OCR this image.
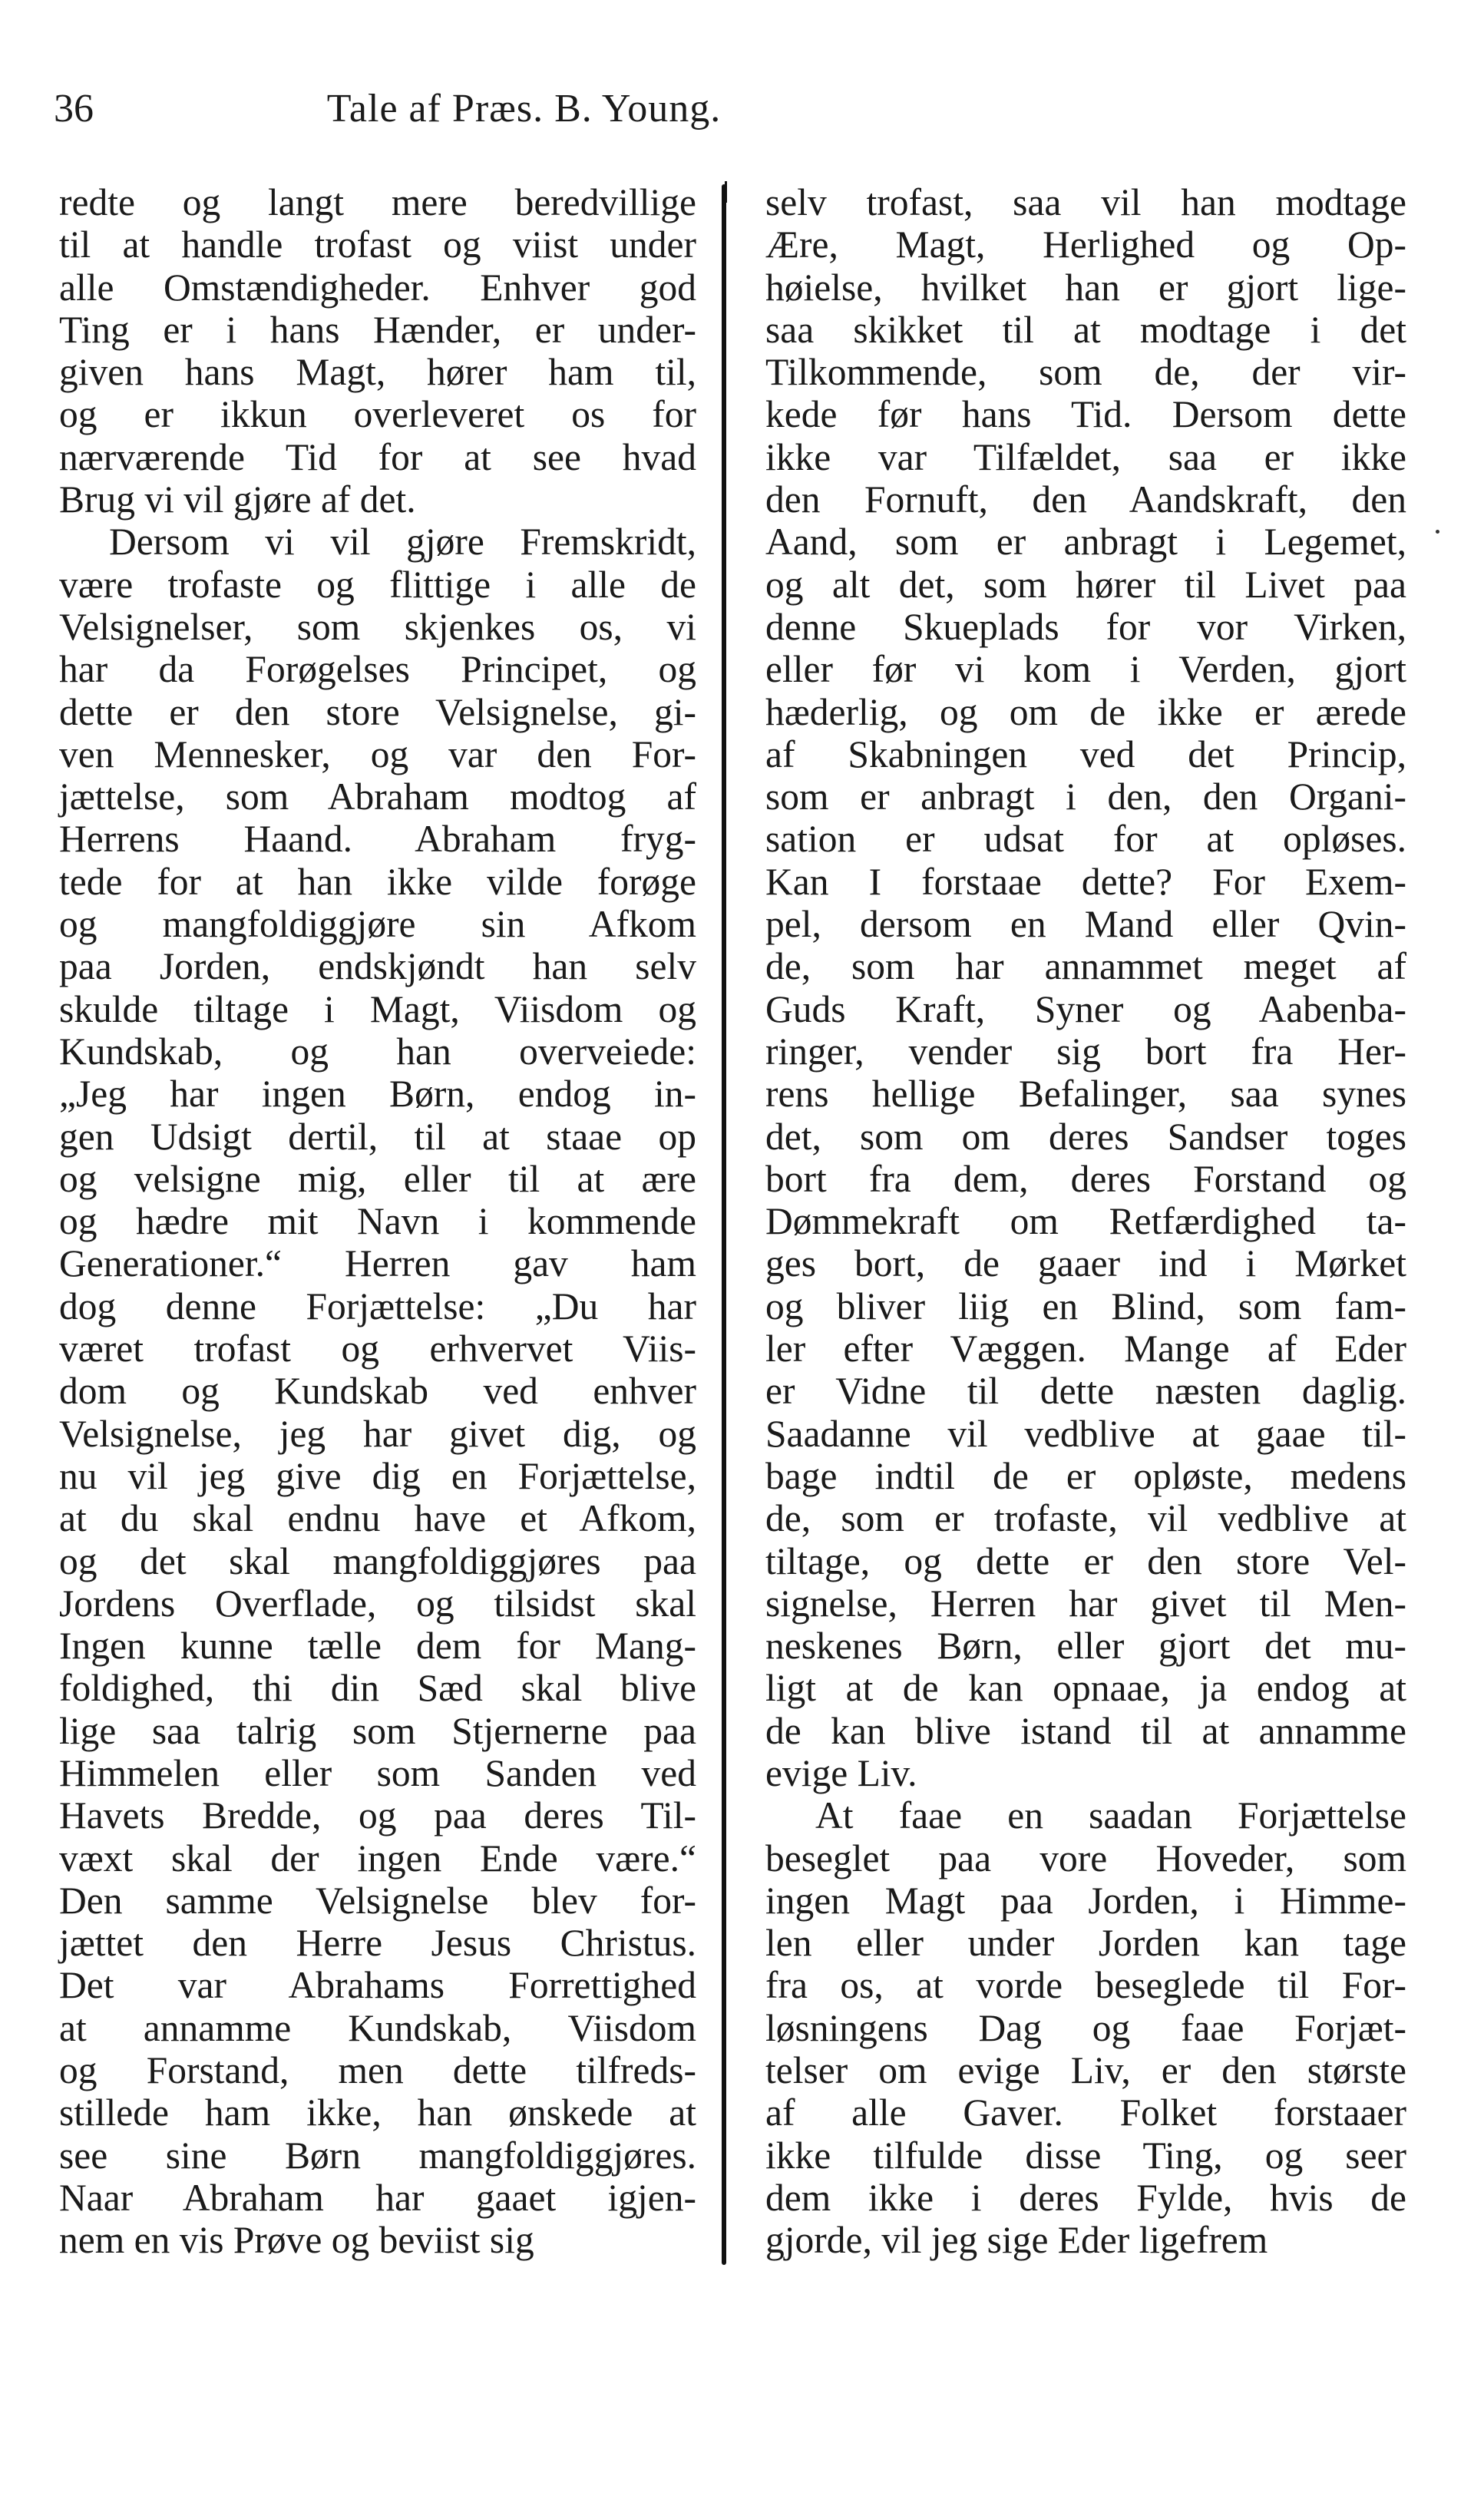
36	Tale af Præs. B. Young.
redte og langt mere beredvillige
til at handle trofast og viist under
alle Omstændigheder. Enhver god
Ting er i hans Hænder, er under-
given hans Magt, hører ham til,
og er ikkun overleveret os for
nærværende Tid for at see hvad
Brug vi vil gjøre af det.
Dersom vi vil gjøre Fremskridt,
være trofaste og flittige i alle de
Velsignelser, som skjenkes os, vi
har da Forøgelses Principet, og
dette er den store Velsignelse, gi-
ven Mennesker, og var den For-
jættelse, som Abraham modtog af
Herrens Haand. Abraham fryg-
tede for at han ikke vilde forøge
og mangfoldiggjøre sin Afkom
paa Jorden, endskjøndt han selv
skulde tiltage i Magt, Viisdom og
Kundskab, og han overveiede:
„Jeg har ingen Børn, endog in-
gen Udsigt dertil, til at staae op
og velsigne mig, eller til at ære
og hædre mit Navn i kommende
Generationer.“ Herren gav ham
dog denne Forjættelse: „Du har
været trofast og erhvervet Viis-
dom og Kundskab ved enhver
Velsignelse, jeg har givet dig, og
nu vil jeg give dig en Forjættelse,
at du skal endnu have et Afkom,
og det skal mangfoldiggjøres paa
Jordens Overflade, og tilsidst skal
Ingen kunne tælle dem for Mang-
foldighed, thi din Sæd skal blive
lige saa talrig som Stjernerne paa
Himmelen eller som Sanden ved
Havets Bredde, og paa deres Til-
væxt skal der ingen Ende være.“
Den samme Velsignelse blev for-
jættet den Herre Jesus Christus.
Det var Abrahams Forrettighed
at annamme Kundskab, Viisdom
og Forstand, men dette tilfreds-
stillede ham ikke, han ønskede at
see sine Børn mangfoldiggjøres.
Naar Abraham har gaaet igjen-
nem en vis Prøve og beviist sig
selv trofast, saa vil han modtage
Ære, Magt, Herlighed og Op-
høielse, hvilket han er gjort lige-
saa skikket til at modtage i det
Tilkommende, som de, der vir-
kede før hans Tid. Dersom dette
ikke var Tilfældet, saa er ikke
den Fornuft, den Aandskraft, den
Aand, som er anbragt i Legemet,
og alt det, som hører til Livet paa
denne Skueplads for vor Virken,
eller før vi kom i Verden, gjort
hæderlig, og om de ikke er ærede
af Skabningen ved det Princip,
som er anbragt i den, den Organi-
sation er udsat for at opløses.
Kan I forstaae dette? For Exem-
pel, dersom en Mand eller Qvin-
de, som har annammet meget af
Guds Kraft, Syner og Aabenba-
ringer, vender sig bort fra Her-
rens hellige Befalinger, saa synes
det, som om deres Sandser toges
bort fra dem, deres Forstand og
Dømmekraft om Retfærdighed ta-
ges bort, de gaaer ind i Mørket
og bliver liig en Blind, som fam-
ler efter Væggen. Mange af Eder
er Vidne til dette næsten daglig.
Saadanne vil vedblive at gaae til-
bage indtil de er opløste, medens
de, som er trofaste, vil vedblive at
tiltage, og dette er den store Vel-
signelse, Herren har givet til Men-
neskenes Børn, eller gjort det mu-
ligt at de kan opnaae, ja endog at
de kan blive istand til at annamme
evige Liv.
At faae en saadan Forjættelse
beseglet paa vore Hoveder, som
ingen Magt paa Jorden, i Himme-
len eller under Jorden kan tage
fra os, at vorde beseglede til For-
løsningens Dag og faae Forjæt-
telser om evige Liv, er den største
af alle Gaver. Folket forstaaer
ikke tilfulde disse Ting, og seer
dem ikke i deres Fylde, hvis de
gjorde, vil jeg sige Eder ligefrem
